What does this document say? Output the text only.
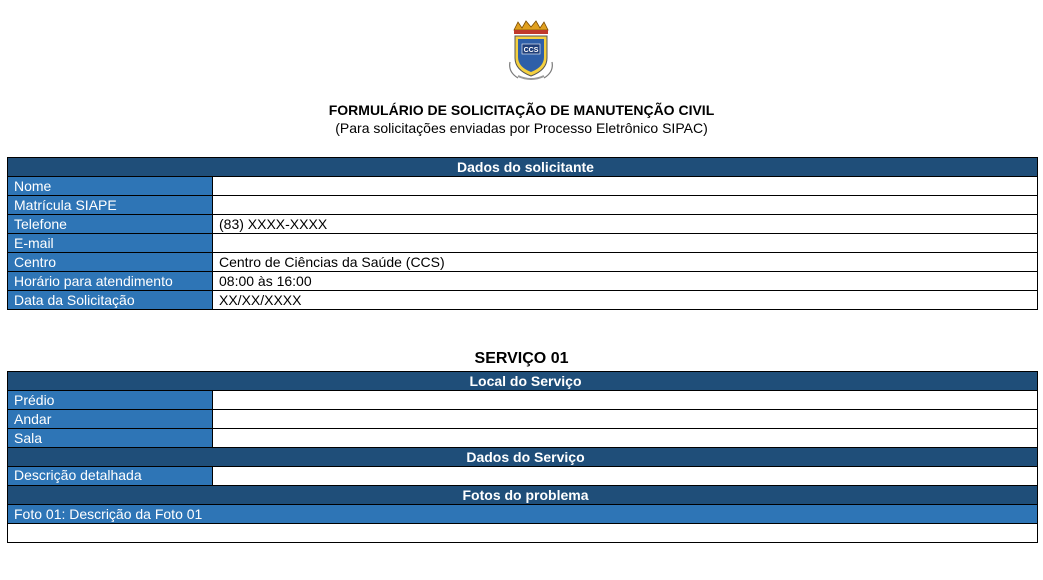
CCS
FORMULÁRIO DE SOLICITAÇÃO DE MANUTENÇÃO CIVIL
(Para solicitações enviadas por Processo Eletrônico SIPAC)
Dados do solicitante	
Nome	
Matrícula SIAPE	
Telefone	(83) XXXX-XXXX
E-mail	
Centro	Centro de Ciências da Saúde (CCS)
Horário para atendimento	08:00 às 16:00
Data da Solicitação	XX/XX/XXXX
SERVIÇO 01
Local do Serviço	
Prédio	
Andar	
Sala	
Dados do Serviço	
Descrição detalhada	
Fotos do problema	
Foto 01: Descrição da Foto 01	
